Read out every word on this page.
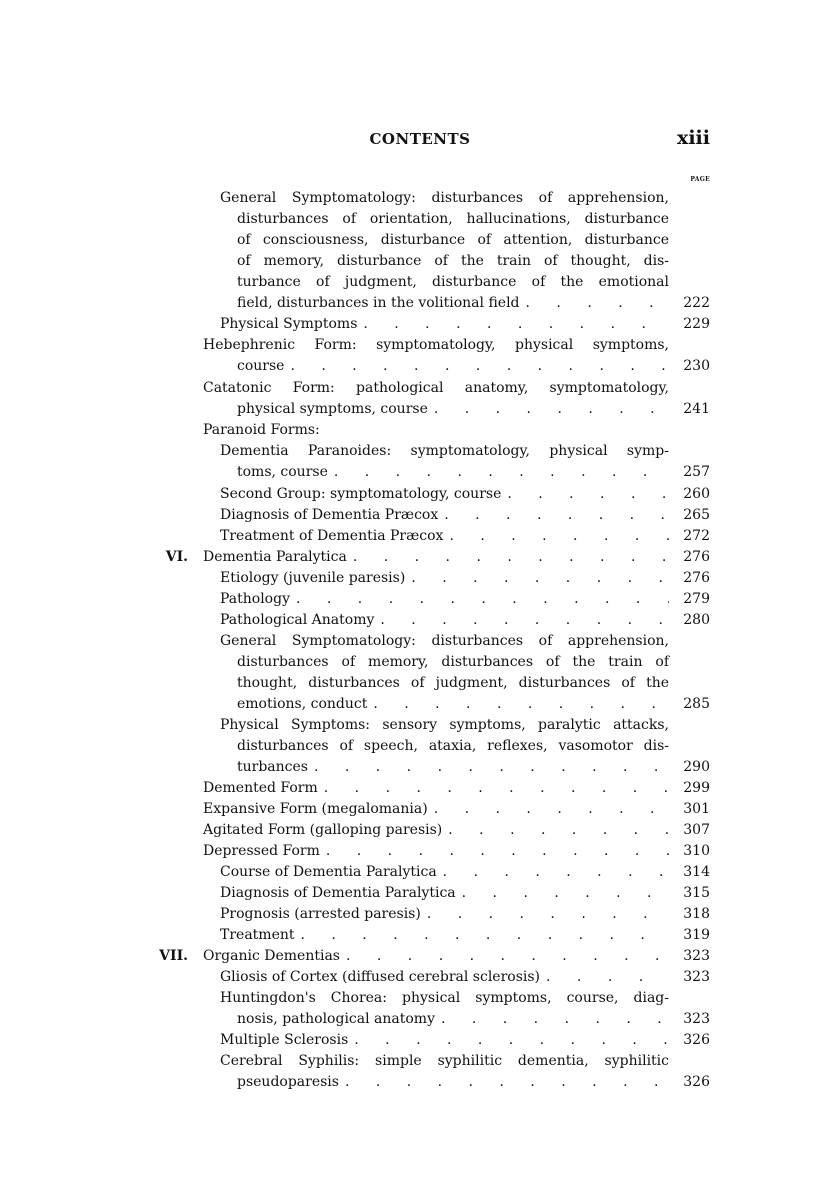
CONTENTS	xiii
PAGE
General Symptomatology: disturbances of apprehension,
disturbances of orientation, hallucinations, disturbance
of consciousness, disturbance of attention, disturbance
of memory, disturbance of the train of thought, dis-
turbance of judgment, disturbance of the emotional
field, disturbances in the volitional field . . .	222
Physical Symptoms . . .	229
Hebephrenic Form: symptomatology, physical symptoms,
course . . .	230
Catatonic Form: pathological anatomy, symptomatology,
physical symptoms, course . . .	241
Paranoid Forms:
Dementia Paranoides: symptomatology, physical symp-
toms, course . . .	257
Second Group: symptomatology, course . . .	260
Diagnosis of Dementia Præcox . . .	265
Treatment of Dementia Præcox . . .	272
VI. Dementia Paralytica . . .	276
Etiology (juvenile paresis) . . .	276
Pathology . . .	279
Pathological Anatomy . . .	280
General Symptomatology: disturbances of apprehension,
disturbances of memory, disturbances of the train of
thought, disturbances of judgment, disturbances of the
emotions, conduct . . .	285
Physical Symptoms: sensory symptoms, paralytic attacks,
disturbances of speech, ataxia, reflexes, vasomotor dis-
turbances . . .	290
Demented Form . . .	299
Expansive Form (megalomania) . . .	301
Agitated Form (galloping paresis) . . .	307
Depressed Form . . .	310
Course of Dementia Paralytica . . .	314
Diagnosis of Dementia Paralytica . . .	315
Prognosis (arrested paresis) . . .	318
Treatment . . .	319
VII. Organic Dementias . . .	323
Gliosis of Cortex (diffused cerebral sclerosis) . . .	323
Huntingdon's Chorea: physical symptoms, course, diag-
nosis, pathological anatomy . . .	323
Multiple Sclerosis . . .	326
Cerebral Syphilis: simple syphilitic dementia, syphilitic
pseudoparesis . . .	326
